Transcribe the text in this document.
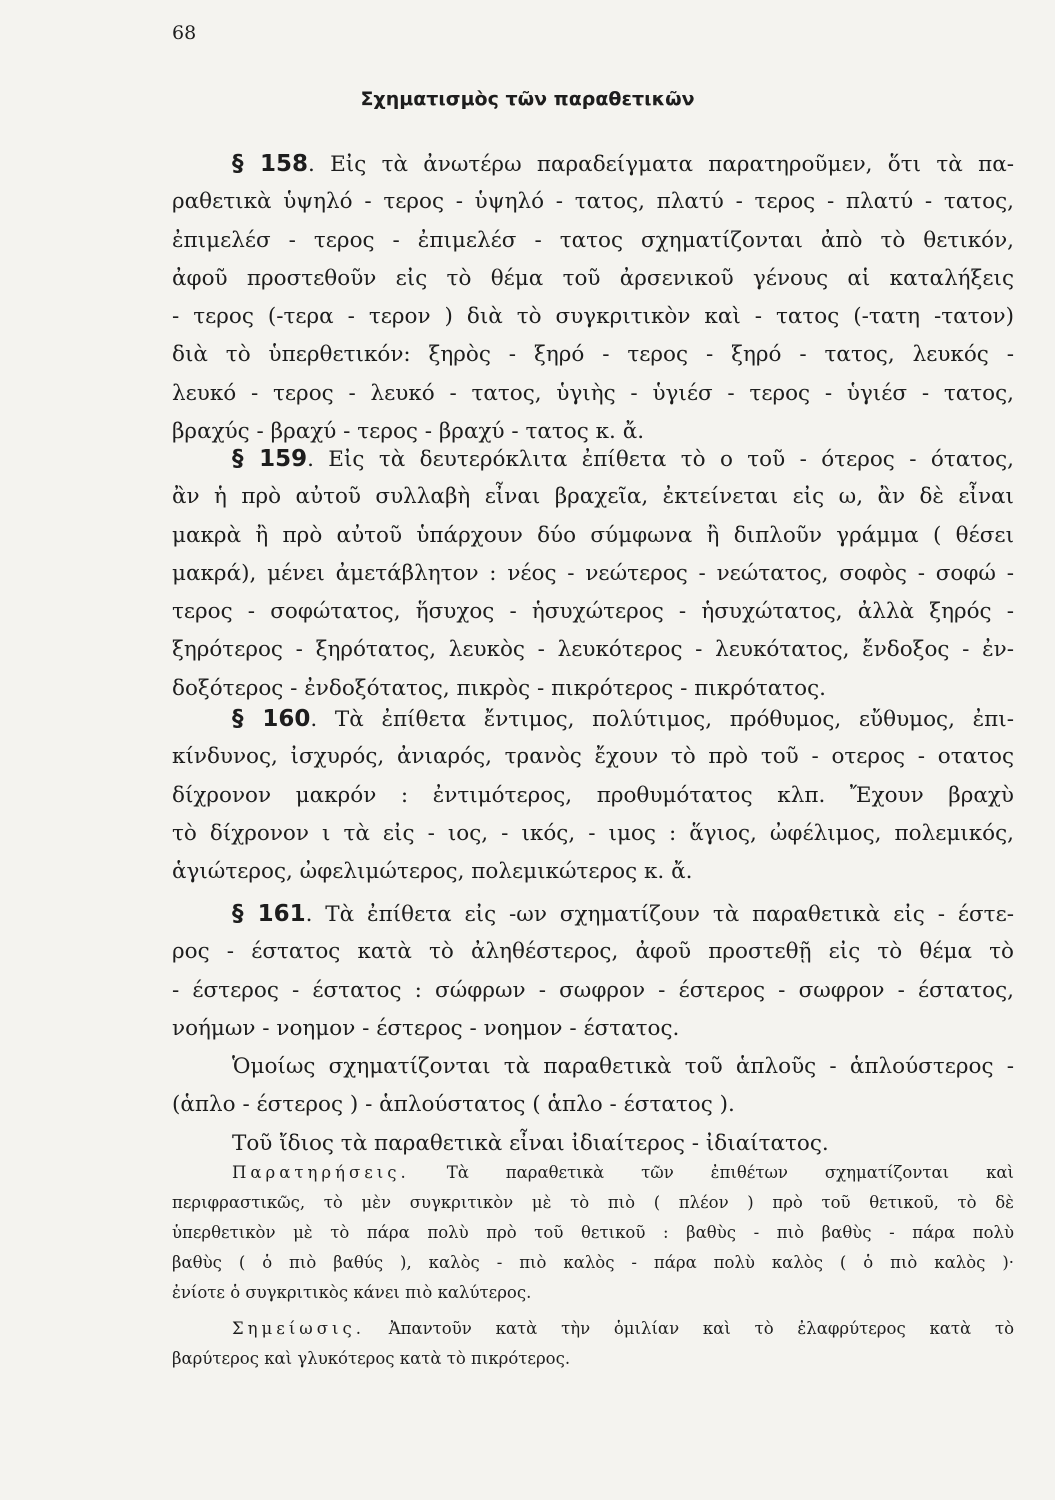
68
Σχηματισμὸς τῶν παραθετικῶν
§ 158. Εἰς τὰ ἀνωτέρω παραδείγματα παρατηροῦμεν, ὅτι τὰ πα-
ραθετικὰ ὑψηλό - τερος - ὑψηλό - τατος, πλατύ - τερος - πλατύ - τατος,
ἐπιμελέσ - τερος - ἐπιμελέσ - τατος σχηματίζονται ἀπὸ τὸ θετικόν,
ἀφοῦ προστεθοῦν εἰς τὸ θέμα τοῦ ἀρσενικοῦ γένους αἱ καταλήξεις
- τερος (-τερα - τερον ) διὰ τὸ συγκριτικὸν καὶ - τατος (-τατη -τατον)
διὰ τὸ ὑπερθετικόν: ξηρὸς - ξηρό - τερος - ξηρό - τατος, λευκός -
λευκό - τερος - λευκό - τατος, ὑγιὴς - ὑγιέσ - τερος - ὑγιέσ - τατος,
βραχύς - βραχύ - τερος - βραχύ - τατος κ. ἄ.
§ 159. Εἰς τὰ δευτερόκλιτα ἐπίθετα τὸ ο τοῦ - ότερος - ότατος,
ἂν ἡ πρὸ αὐτοῦ συλλαβὴ εἶναι βραχεῖα, ἐκτείνεται εἰς ω, ἂν δὲ εἶναι
μακρὰ ἢ πρὸ αὐτοῦ ὑπάρχουν δύο σύμφωνα ἢ διπλοῦν γράμμα ( θέσει
μακρά), μένει ἀμετάβλητον : νέος - νεώτερος - νεώτατος, σοφὸς - σοφώ -
τερος - σοφώτατος, ἥσυχος - ἡσυχώτερος - ἡσυχώτατος, ἀλλὰ ξηρός -
ξηρότερος - ξηρότατος, λευκὸς - λευκότερος - λευκότατος, ἔνδοξος - ἐν-
δοξότερος - ἐνδοξότατος, πικρὸς - πικρότερος - πικρότατος.
§ 160. Τὰ ἐπίθετα ἔντιμος, πολύτιμος, πρόθυμος, εὔθυμος, ἐπι-
κίνδυνος, ἰσχυρός, ἀνιαρός, τρανὸς ἔχουν τὸ πρὸ τοῦ - οτερος - οτατος
δίχρονον μακρόν : ἐντιμότερος, προθυμότατος κλπ. Ἔχουν βραχὺ
τὸ δίχρονον ι τὰ εἰς - ιος, - ικός, - ιμος : ἅγιος, ὠφέλιμος, πολεμικός,
ἁγιώτερος, ὠφελιμώτερος, πολεμικώτερος κ. ἄ.
§ 161. Τὰ ἐπίθετα εἰς -ων σχηματίζουν τὰ παραθετικὰ εἰς - έστε-
ρος - έστατος κατὰ τὸ ἀληθέστερος, ἀφοῦ προστεθῇ εἰς τὸ θέμα τὸ
- έστερος - έστατος : σώφρων - σωφρον - έστερος - σωφρον - έστατος,
νοήμων - νοημον - έστερος - νοημον - έστατος.
Ὁμοίως σχηματίζονται τὰ παραθετικὰ τοῦ ἁπλοῦς - ἁπλούστερος -
(ἁπλο - έστερος ) - ἁπλούστατος ( ἁπλο - έστατος ).
Τοῦ ἴδιος τὰ παραθετικὰ εἶναι ἰδιαίτερος - ἰδιαίτατος.
Παρατηρήσεις. Τὰ παραθετικὰ τῶν ἐπιθέτων σχηματίζονται καὶ
περιφραστικῶς, τὸ μὲν συγκριτικὸν μὲ τὸ πιὸ ( πλέον ) πρὸ τοῦ θετικοῦ, τὸ δὲ
ὑπερθετικὸν μὲ τὸ πάρα πολὺ πρὸ τοῦ θετικοῦ : βαθὺς - πιὸ βαθὺς - πάρα πολὺ
βαθὺς ( ὁ πιὸ βαθύς ), καλὸς - πιὸ καλὸς - πάρα πολὺ καλὸς ( ὁ πιὸ καλὸς )·
ἐνίοτε ὁ συγκριτικὸς κάνει πιὸ καλύτερος.
Σημείωσις. Ἀπαντοῦν κατὰ τὴν ὁμιλίαν καὶ τὸ ἐλαφρύτερος κατὰ τὸ
βαρύτερος καὶ γλυκότερος κατὰ τὸ πικρότερος.
